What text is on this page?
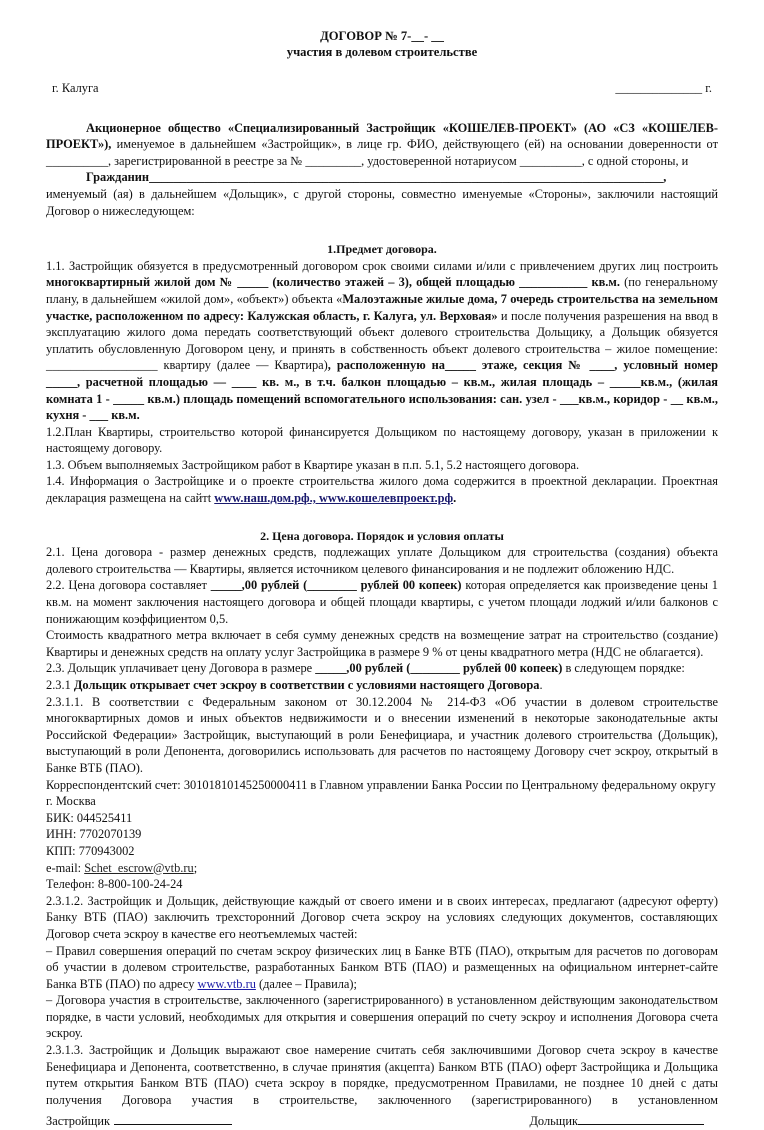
ДОГОВОР № 7-__- __
участия в долевом строительстве
г. Калуга	______________ г.

Акционерное общество «Специализированный Застройщик «КОШЕЛЕВ-ПРОЕКТ» (АО «СЗ «КОШЕЛЕВ-ПРОЕКТ»), именуемое в дальнейшем «Застройщик», в лице гр. ФИО, действующего (ей) на основании доверенности от __________, зарегистрированной в реестре за № _________, удостоверенной нотариусом __________, с одной стороны, и

Гражданин___________________________________________________________________________________,

именуемый (ая) в дальнейшем «Дольщик», с другой стороны, совместно именуемые «Стороны», заключили настоящий Договор о нижеследующем:

1.Предмет договора.

1.1. Застройщик обязуется в предусмотренный договором срок своими силами и/или с привлечением других лиц построить многоквартирный жилой дом № _____ (количество этажей – 3), общей площадью ___________ кв.м. (по генеральному плану, в дальнейшем «жилой дом», «объект») объекта «Малоэтажные жилые дома, 7 очередь строительства на земельном участке, расположенном по адресу: Калужская область, г. Калуга, ул. Верховая» и после получения разрешения на ввод в эксплуатацию жилого дома передать соответствующий объект долевого строительства Дольщику, а Дольщик обязуется уплатить обусловленную Договором цену, и принять в собственность объект долевого строительства – жилое помещение: __________________ квартиру (далее — Квартира), расположенную на_____ этаже, секция № ____, условный номер _____, расчетной площадью — ____ кв. м., в т.ч. балкон площадью – кв.м., жилая площадь – _____кв.м., (жилая комната 1 - _____ кв.м.) площадь помещений вспомогательного использования: сан. узел - ___кв.м., коридор - __ кв.м., кухня - ___ кв.м.

1.2.План Квартиры, строительство которой финансируется Дольщиком по настоящему договору, указан в приложении к настоящему договору.

1.3. Объем выполняемых Застройщиком работ в Квартире указан в п.п. 5.1, 5.2 настоящего договора.

1.4. Информация о Застройщике и о проекте строительства жилого дома содержится в проектной декларации. Проектная декларация размещена на сайтt www.наш.дом.рф., www.кошелевпроект.рф.

2. Цена договора. Порядок и условия оплаты

2.1. Цена договора - размер денежных средств, подлежащих уплате Дольщиком для строительства (создания) объекта долевого строительства — Квартиры, является источником целевого финансирования и не подлежит обложению НДС.

2.2. Цена договора составляет _____,00 рублей (________ рублей 00 копеек) которая определяется как произведение цены 1 кв.м. на момент заключения настоящего договора и общей площади квартиры, с учетом площади лоджий и/или балконов с понижающим коэффициентом 0,5.

Стоимость квадратного метра включает в себя сумму денежных средств на возмещение затрат на строительство (создание) Квартиры и денежных средств на оплату услуг Застройщика в размере 9 % от цены квадратного метра (НДС не облагается).

2.3. Дольщик уплачивает цену Договора в размере _____,00 рублей (________ рублей 00 копеек) в следующем порядке:

2.3.1 Дольщик открывает счет эскроу в соответствии с условиями настоящего Договора.

2.3.1.1. В соответствии с Федеральным законом от 30.12.2004 № 214-ФЗ «Об участии в долевом строительстве многоквартирных домов и иных объектов недвижимости и о внесении изменений в некоторые законодательные акты Российской Федерации» Застройщик, выступающий в роли Бенефициара, и участник долевого строительства (Дольщик), выступающий в роли Депонента, договорились использовать для расчетов по настоящему Договору счет эскроу, открытый в Банке ВТБ (ПАО).

Корреспондентский счет: 30101810145250000411 в Главном управлении Банка России по Центральному федеральному округу г. Москва

БИК: 044525411

ИНН: 7702070139

КПП: 770943002

e-mail: Schet_escrow@vtb.ru;

Телефон: 8-800-100-24-24

2.3.1.2. Застройщик и Дольщик, действующие каждый от своего имени и в своих интересах, предлагают (адресуют оферту) Банку ВТБ (ПАО) заключить трехсторонний Договор счета эскроу на условиях следующих документов, составляющих Договор счета эскроу в качестве его неотъемлемых частей:

– Правил совершения операций по счетам эскроу физических лиц в Банке ВТБ (ПАО), открытым для расчетов по договорам об участии в долевом строительстве, разработанных Банком ВТБ (ПАО) и размещенных на официальном интернет-сайте Банка ВТБ (ПАО) по адресу www.vtb.ru (далее – Правила);

– Договора участия в строительстве, заключенного (зарегистрированного) в установленном действующим законодательством порядке, в части условий, необходимых для открытия и совершения операций по счету эскроу и исполнения Договора счета эскроу.

2.3.1.3. Застройщик и Дольщик выражают свое намерение считать себя заключившими Договор счета эскроу в качестве Бенефициара и Депонента, соответственно, в случае принятия (акцепта) Банком ВТБ (ПАО) оферт Застройщика и Дольщика путем открытия Банком ВТБ (ПАО) счета эскроу в порядке, предусмотренном Правилами, не позднее 10 дней с даты получения Договора участия в строительстве, заключенного (зарегистрированного) в установленном

Застройщик	Дольщик
